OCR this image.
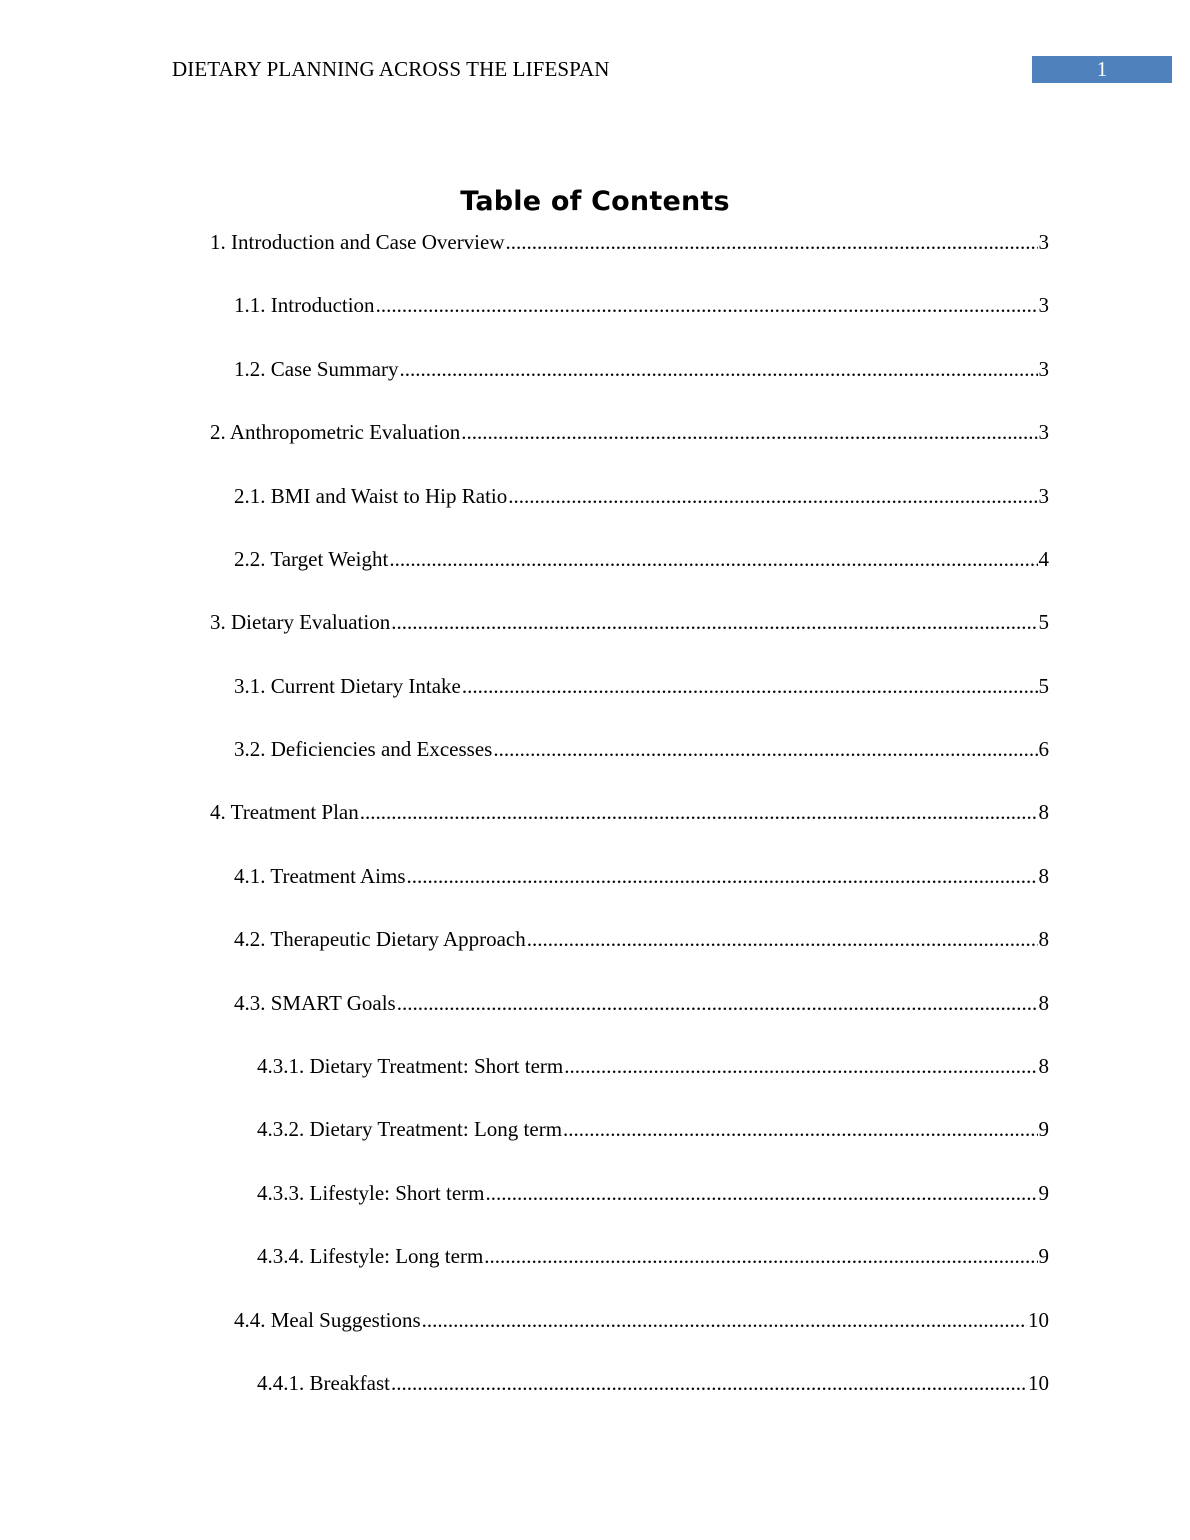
DIETARY PLANNING ACROSS THE LIFESPAN	1
Table of Contents
1. Introduction and Case Overview .....	3
1.1. Introduction .....	3
1.2. Case Summary .....	3
2. Anthropometric Evaluation .....	3
2.1. BMI and Waist to Hip Ratio .....	3
2.2. Target Weight .....	4
3. Dietary Evaluation .....	5
3.1. Current Dietary Intake .....	5
3.2. Deficiencies and Excesses .....	6
4. Treatment Plan .....	8
4.1. Treatment Aims .....	8
4.2. Therapeutic Dietary Approach .....	8
4.3. SMART Goals .....	8
4.3.1. Dietary Treatment: Short term .....	8
4.3.2. Dietary Treatment: Long term .....	9
4.3.3. Lifestyle: Short term .....	9
4.3.4. Lifestyle: Long term .....	9
4.4. Meal Suggestions .....	10
4.4.1. Breakfast .....	10
